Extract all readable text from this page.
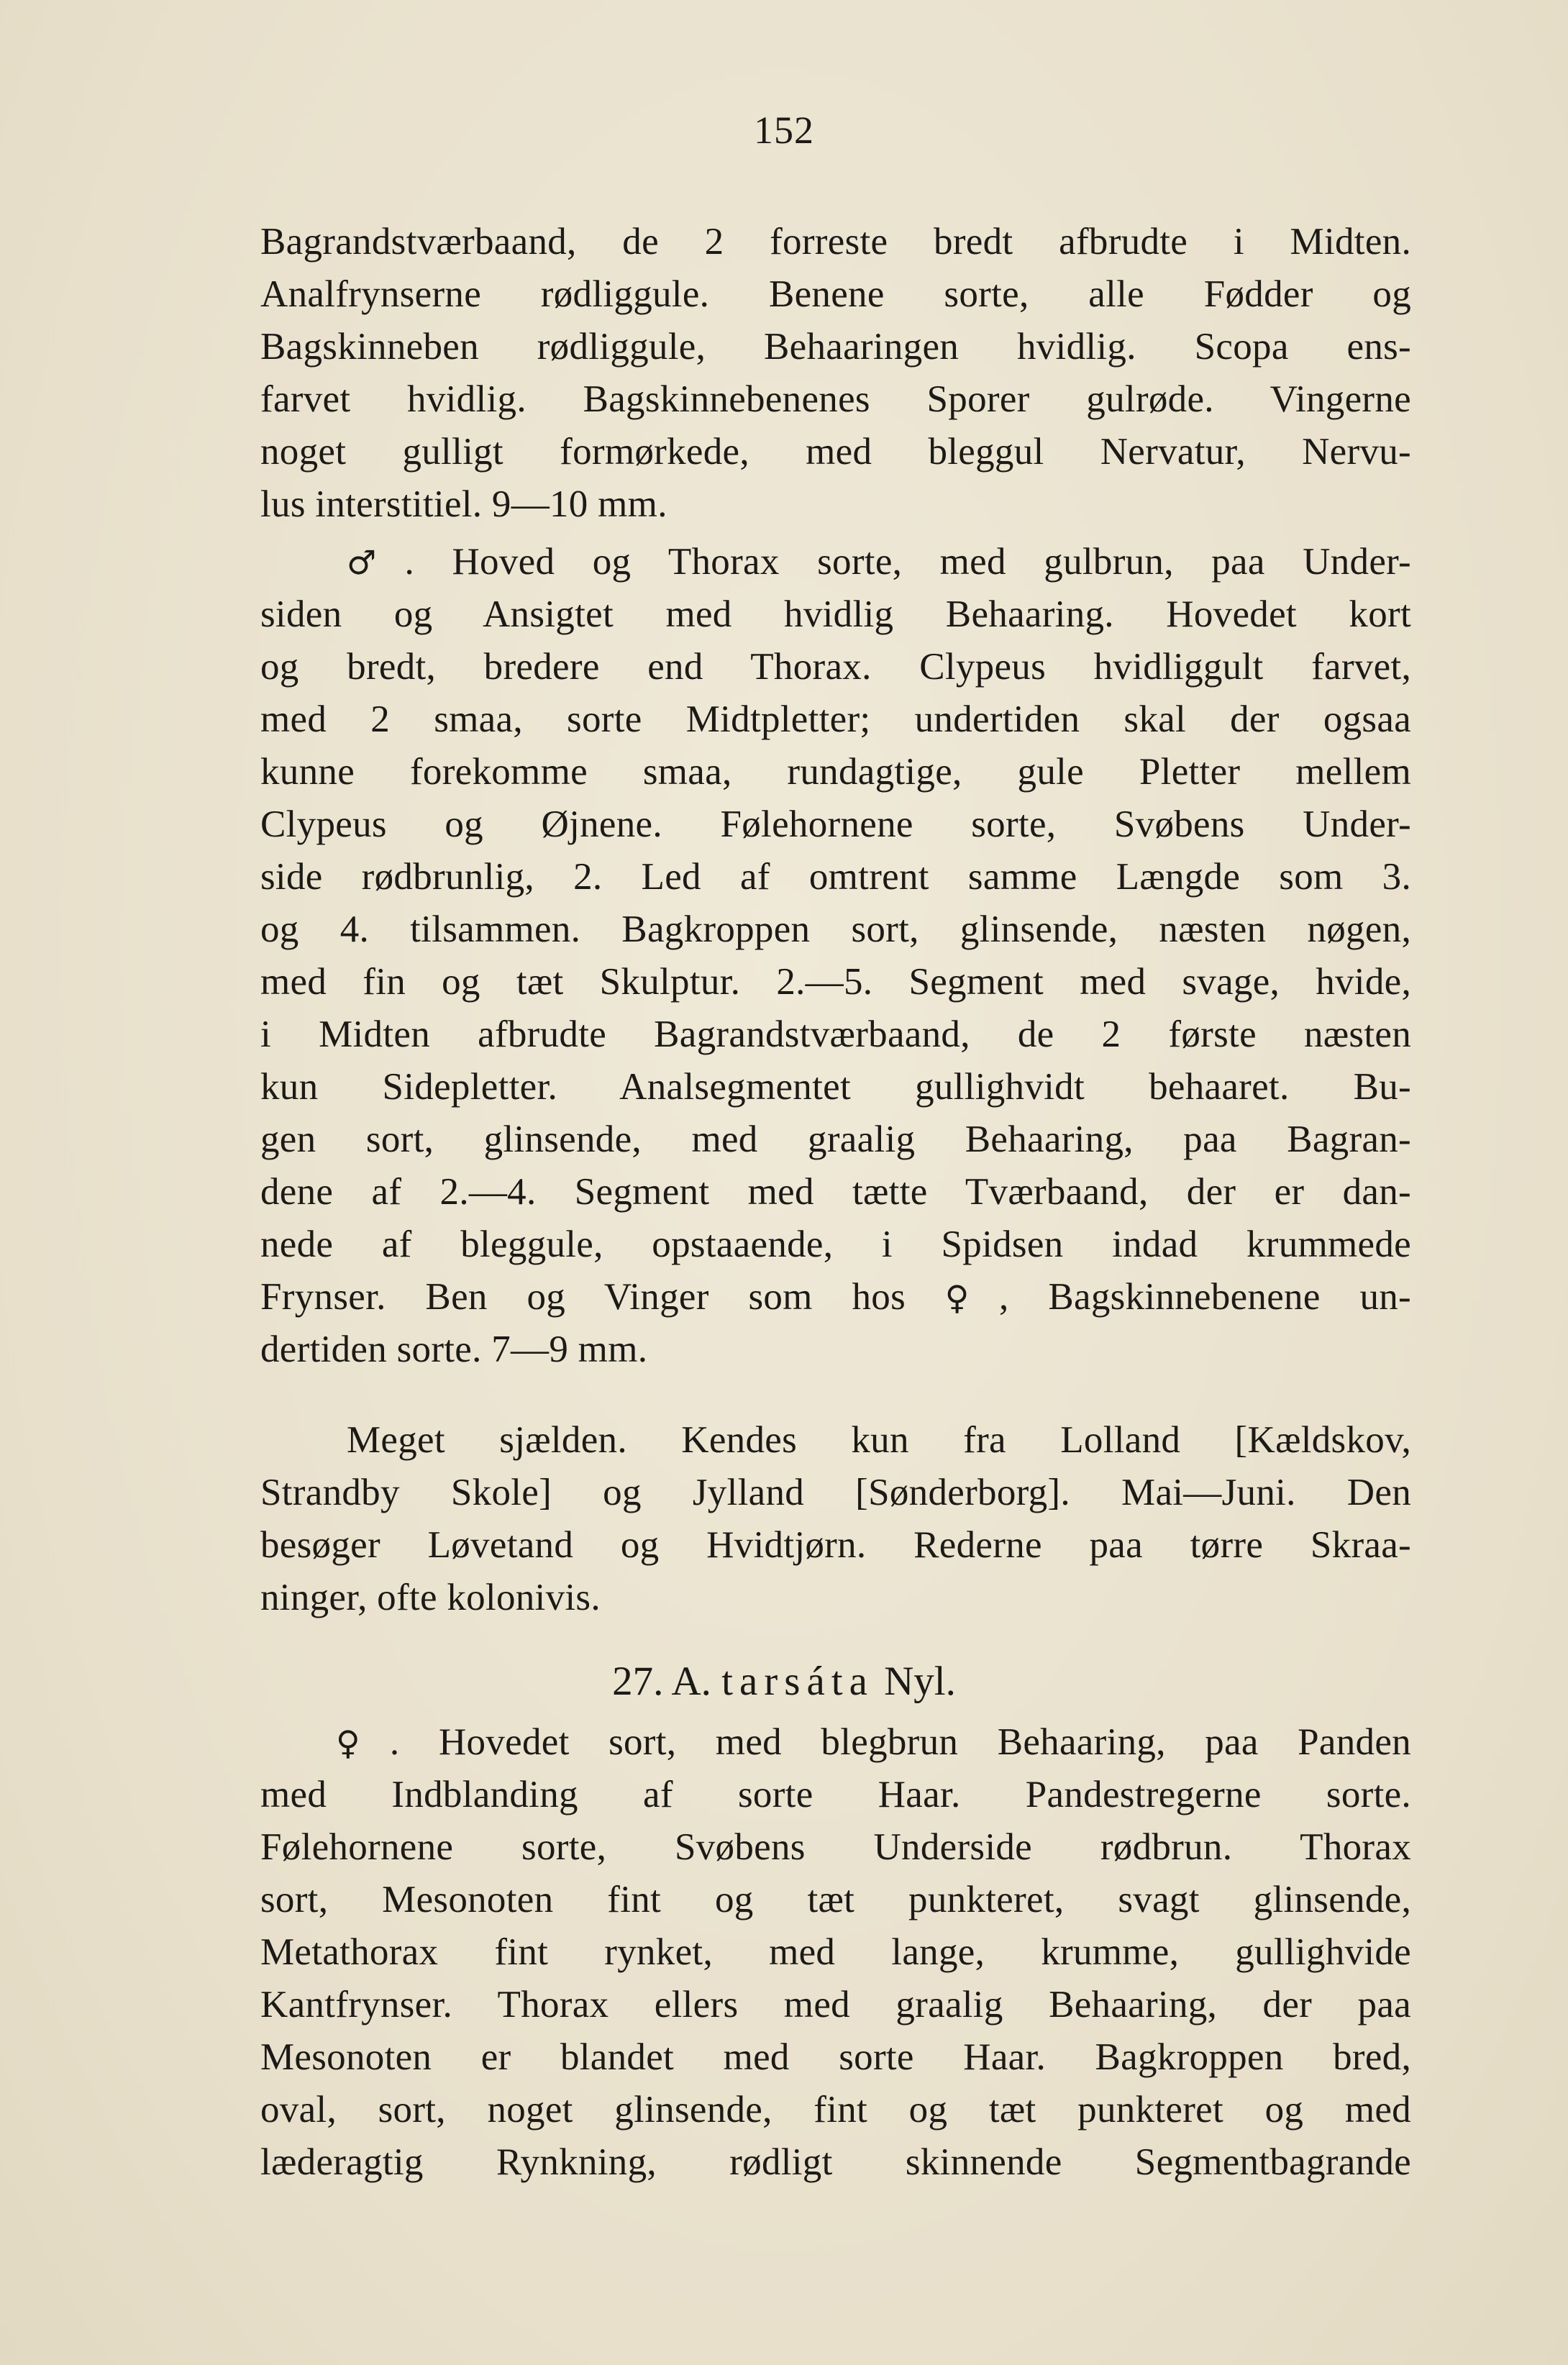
152
Bagrandstværbaand, de 2 forreste bredt afbrudte i Midten.
Analfrynserne rødliggule. Benene sorte, alle Fødder og
Bagskinneben rødliggule, Behaaringen hvidlig. Scopa ens-
farvet hvidlig. Bagskinnebenenes Sporer gulrøde. Vingerne
noget gulligt formørkede, med bleggul Nervatur, Nervu-
lus interstitiel. 9—10 mm.
♂. Hoved og Thorax sorte, med gulbrun, paa Under-
siden og Ansigtet med hvidlig Behaaring. Hovedet kort
og bredt, bredere end Thorax. Clypeus hvidliggult farvet,
med 2 smaa, sorte Midtpletter; undertiden skal der ogsaa
kunne forekomme smaa, rundagtige, gule Pletter mellem
Clypeus og Øjnene. Følehornene sorte, Svøbens Under-
side rødbrunlig, 2. Led af omtrent samme Længde som 3.
og 4. tilsammen. Bagkroppen sort, glinsende, næsten nøgen,
med fin og tæt Skulptur. 2.—5. Segment med svage, hvide,
i Midten afbrudte Bagrandstværbaand, de 2 første næsten
kun Sidepletter. Analsegmentet gullighvidt behaaret. Bu-
gen sort, glinsende, med graalig Behaaring, paa Bagran-
dene af 2.—4. Segment med tætte Tværbaand, der er dan-
nede af bleggule, opstaaende, i Spidsen indad krummede
Frynser. Ben og Vinger som hos ♀, Bagskinnebenene un-
dertiden sorte. 7—9 mm.
Meget sjælden. Kendes kun fra Lolland [Kældskov,
Strandby Skole] og Jylland [Sønderborg]. Mai—Juni. Den
besøger Løvetand og Hvidtjørn. Rederne paa tørre Skraa-
ninger, ofte kolonivis.
27. A. tarsáta Nyl.
♀. Hovedet sort, med blegbrun Behaaring, paa Panden
med Indblanding af sorte Haar. Pandestregerne sorte.
Følehornene sorte, Svøbens Underside rødbrun. Thorax
sort, Mesonoten fint og tæt punkteret, svagt glinsende,
Metathorax fint rynket, med lange, krumme, gullighvide
Kantfrynser. Thorax ellers med graalig Behaaring, der paa
Mesonoten er blandet med sorte Haar. Bagkroppen bred,
oval, sort, noget glinsende, fint og tæt punkteret og med
læderagtig Rynkning, rødligt skinnende Segmentbagrande
